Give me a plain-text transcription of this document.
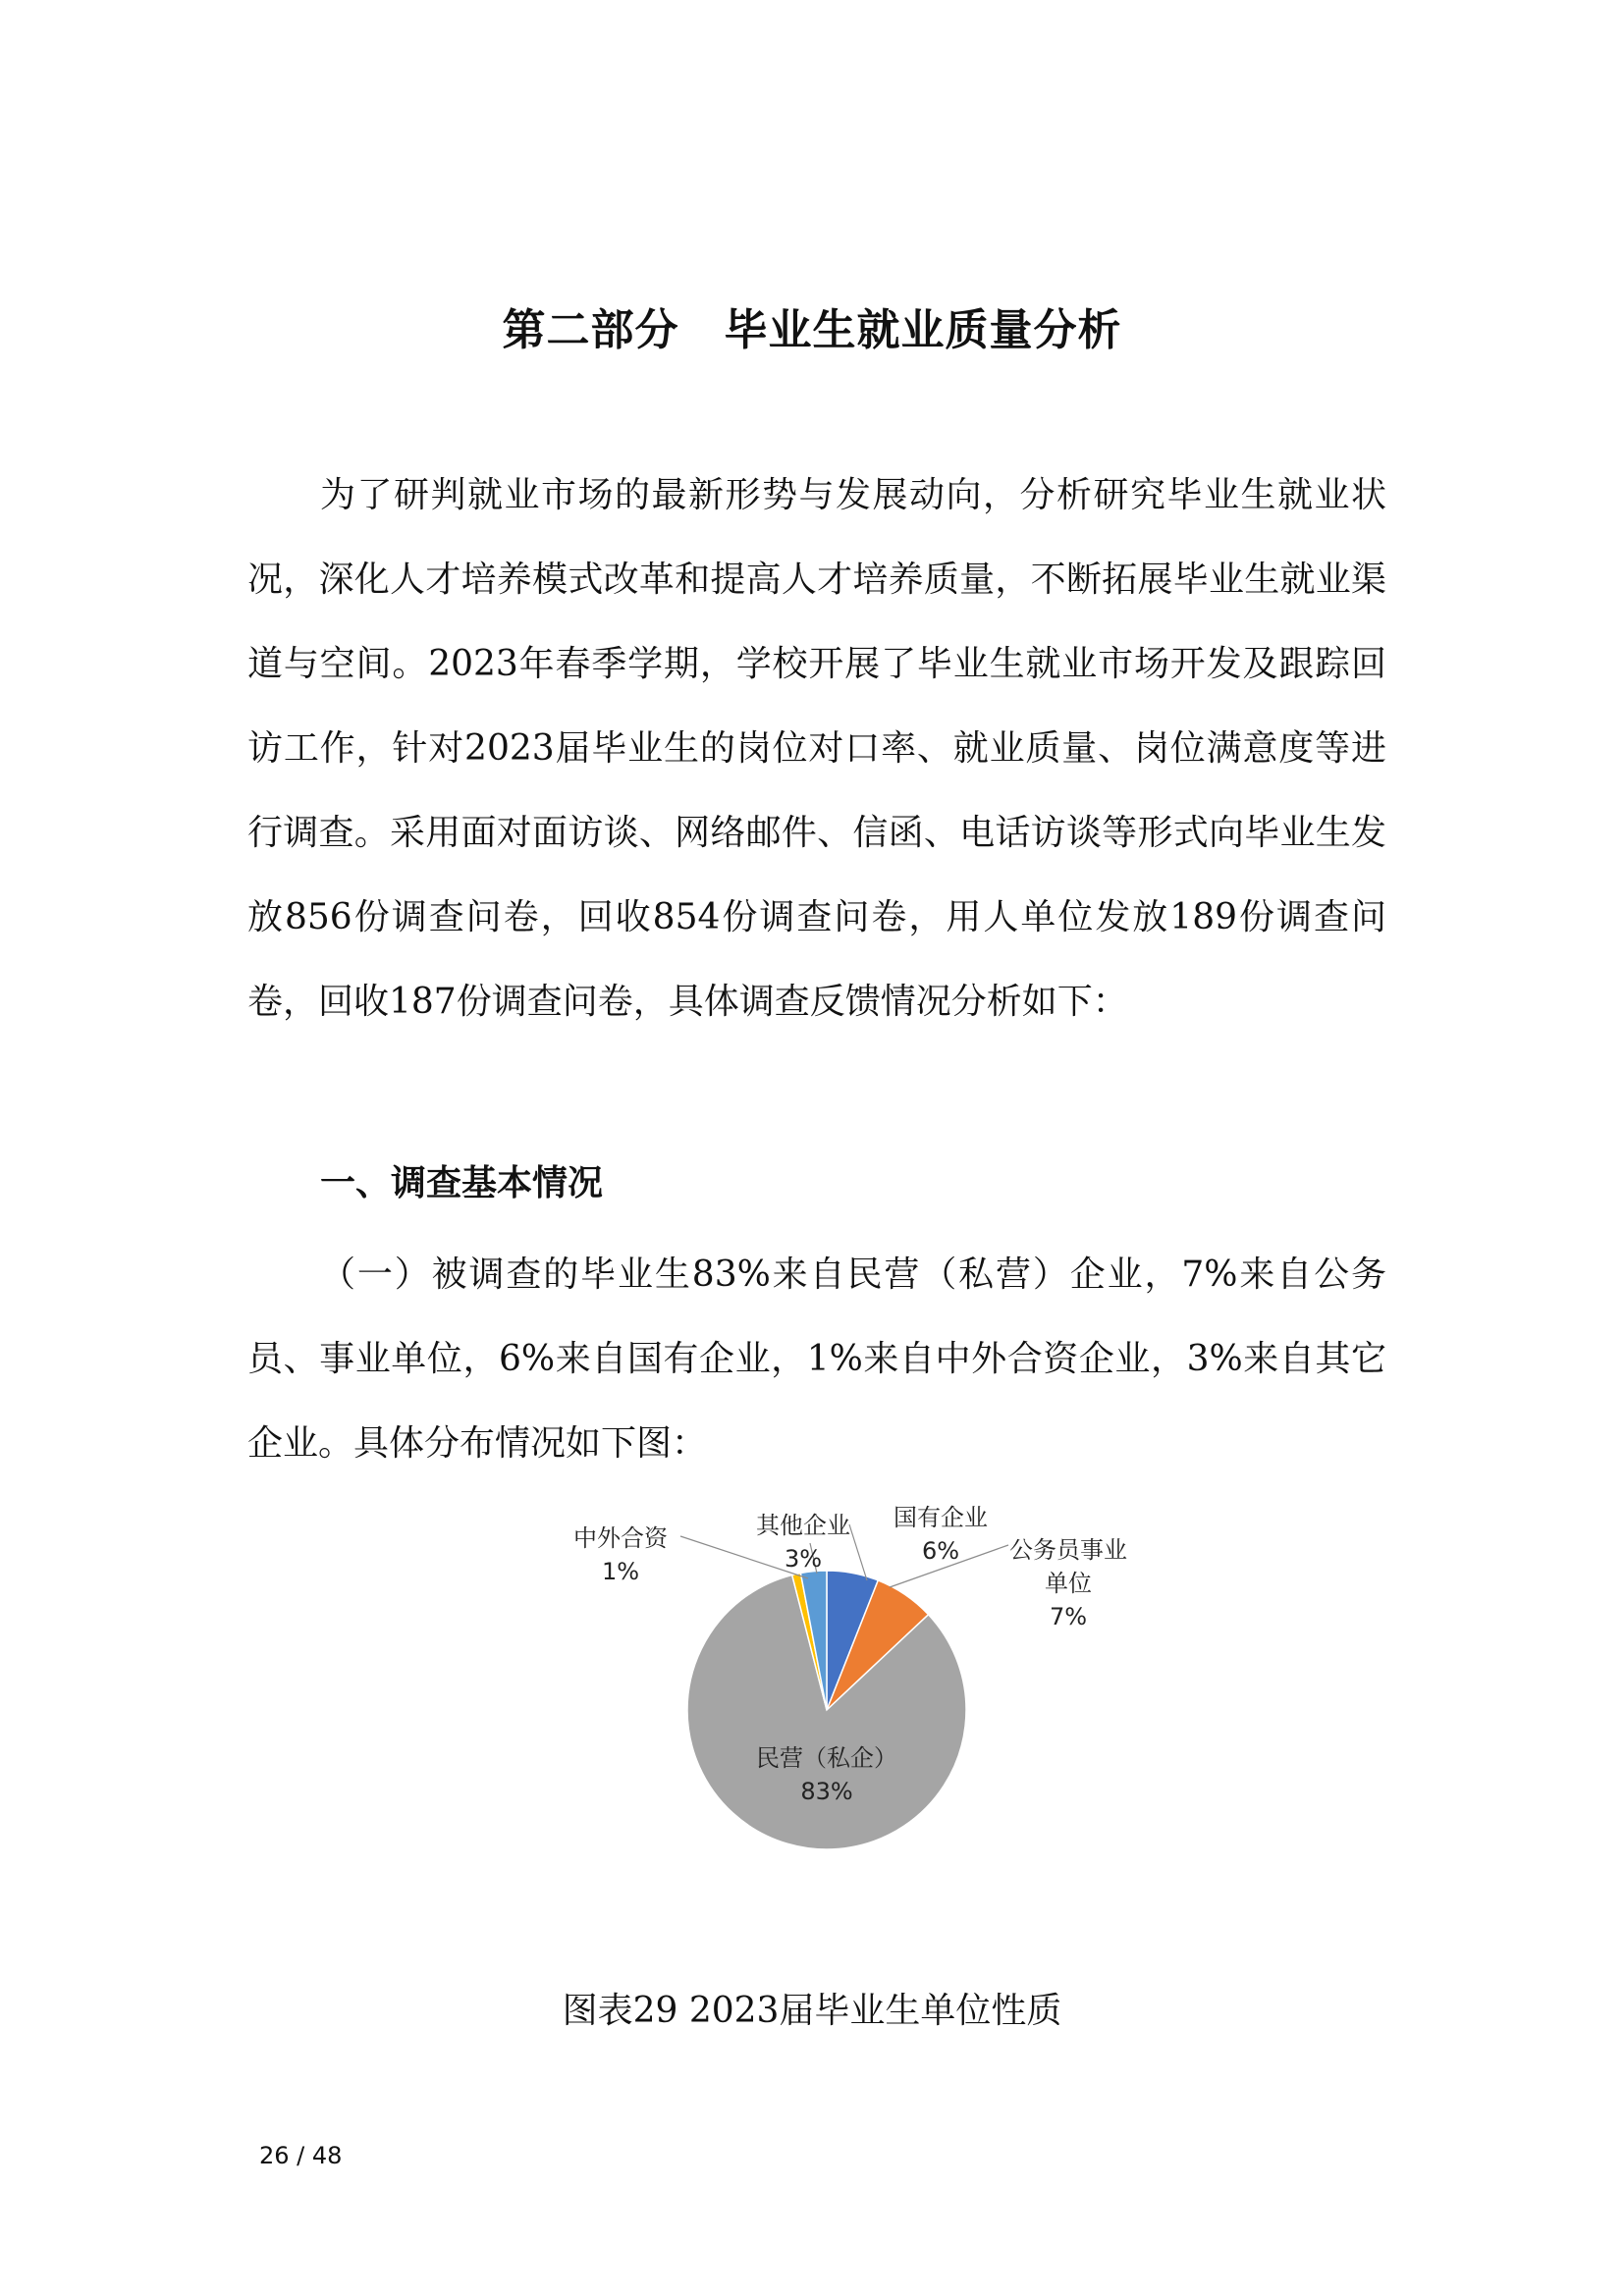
第二部分 毕业生就业质量分析

为了研判就业市场的最新形势与发展动向，分析研究毕业生就业状况，深化人才培养模式改革和提高人才培养质量，不断拓展毕业生就业渠道与空间。2023年春季学期，学校开展了毕业生就业市场开发及跟踪回访工作，针对2023届毕业生的岗位对口率、就业质量、岗位满意度等进行调查。采用面对面访谈、网络邮件、信函、电话访谈等形式向毕业生发放856份调查问卷，回收854份调查问卷，用人单位发放189份调查问卷，回收187份调查问卷，具体调查反馈情况分析如下：

一、调查基本情况

（一）被调查的毕业生83%来自民营（私营）企业，7%来自公务员、事业单位，6%来自国有企业，1%来自中外合资企业，3%来自其它企业。具体分布情况如下图：

国有企业 6%	公务员事业单位 7%
民营（私企） 83%
中外合资 1%
其他企业 3%

图表29 2023届毕业生单位性质

26 / 48
